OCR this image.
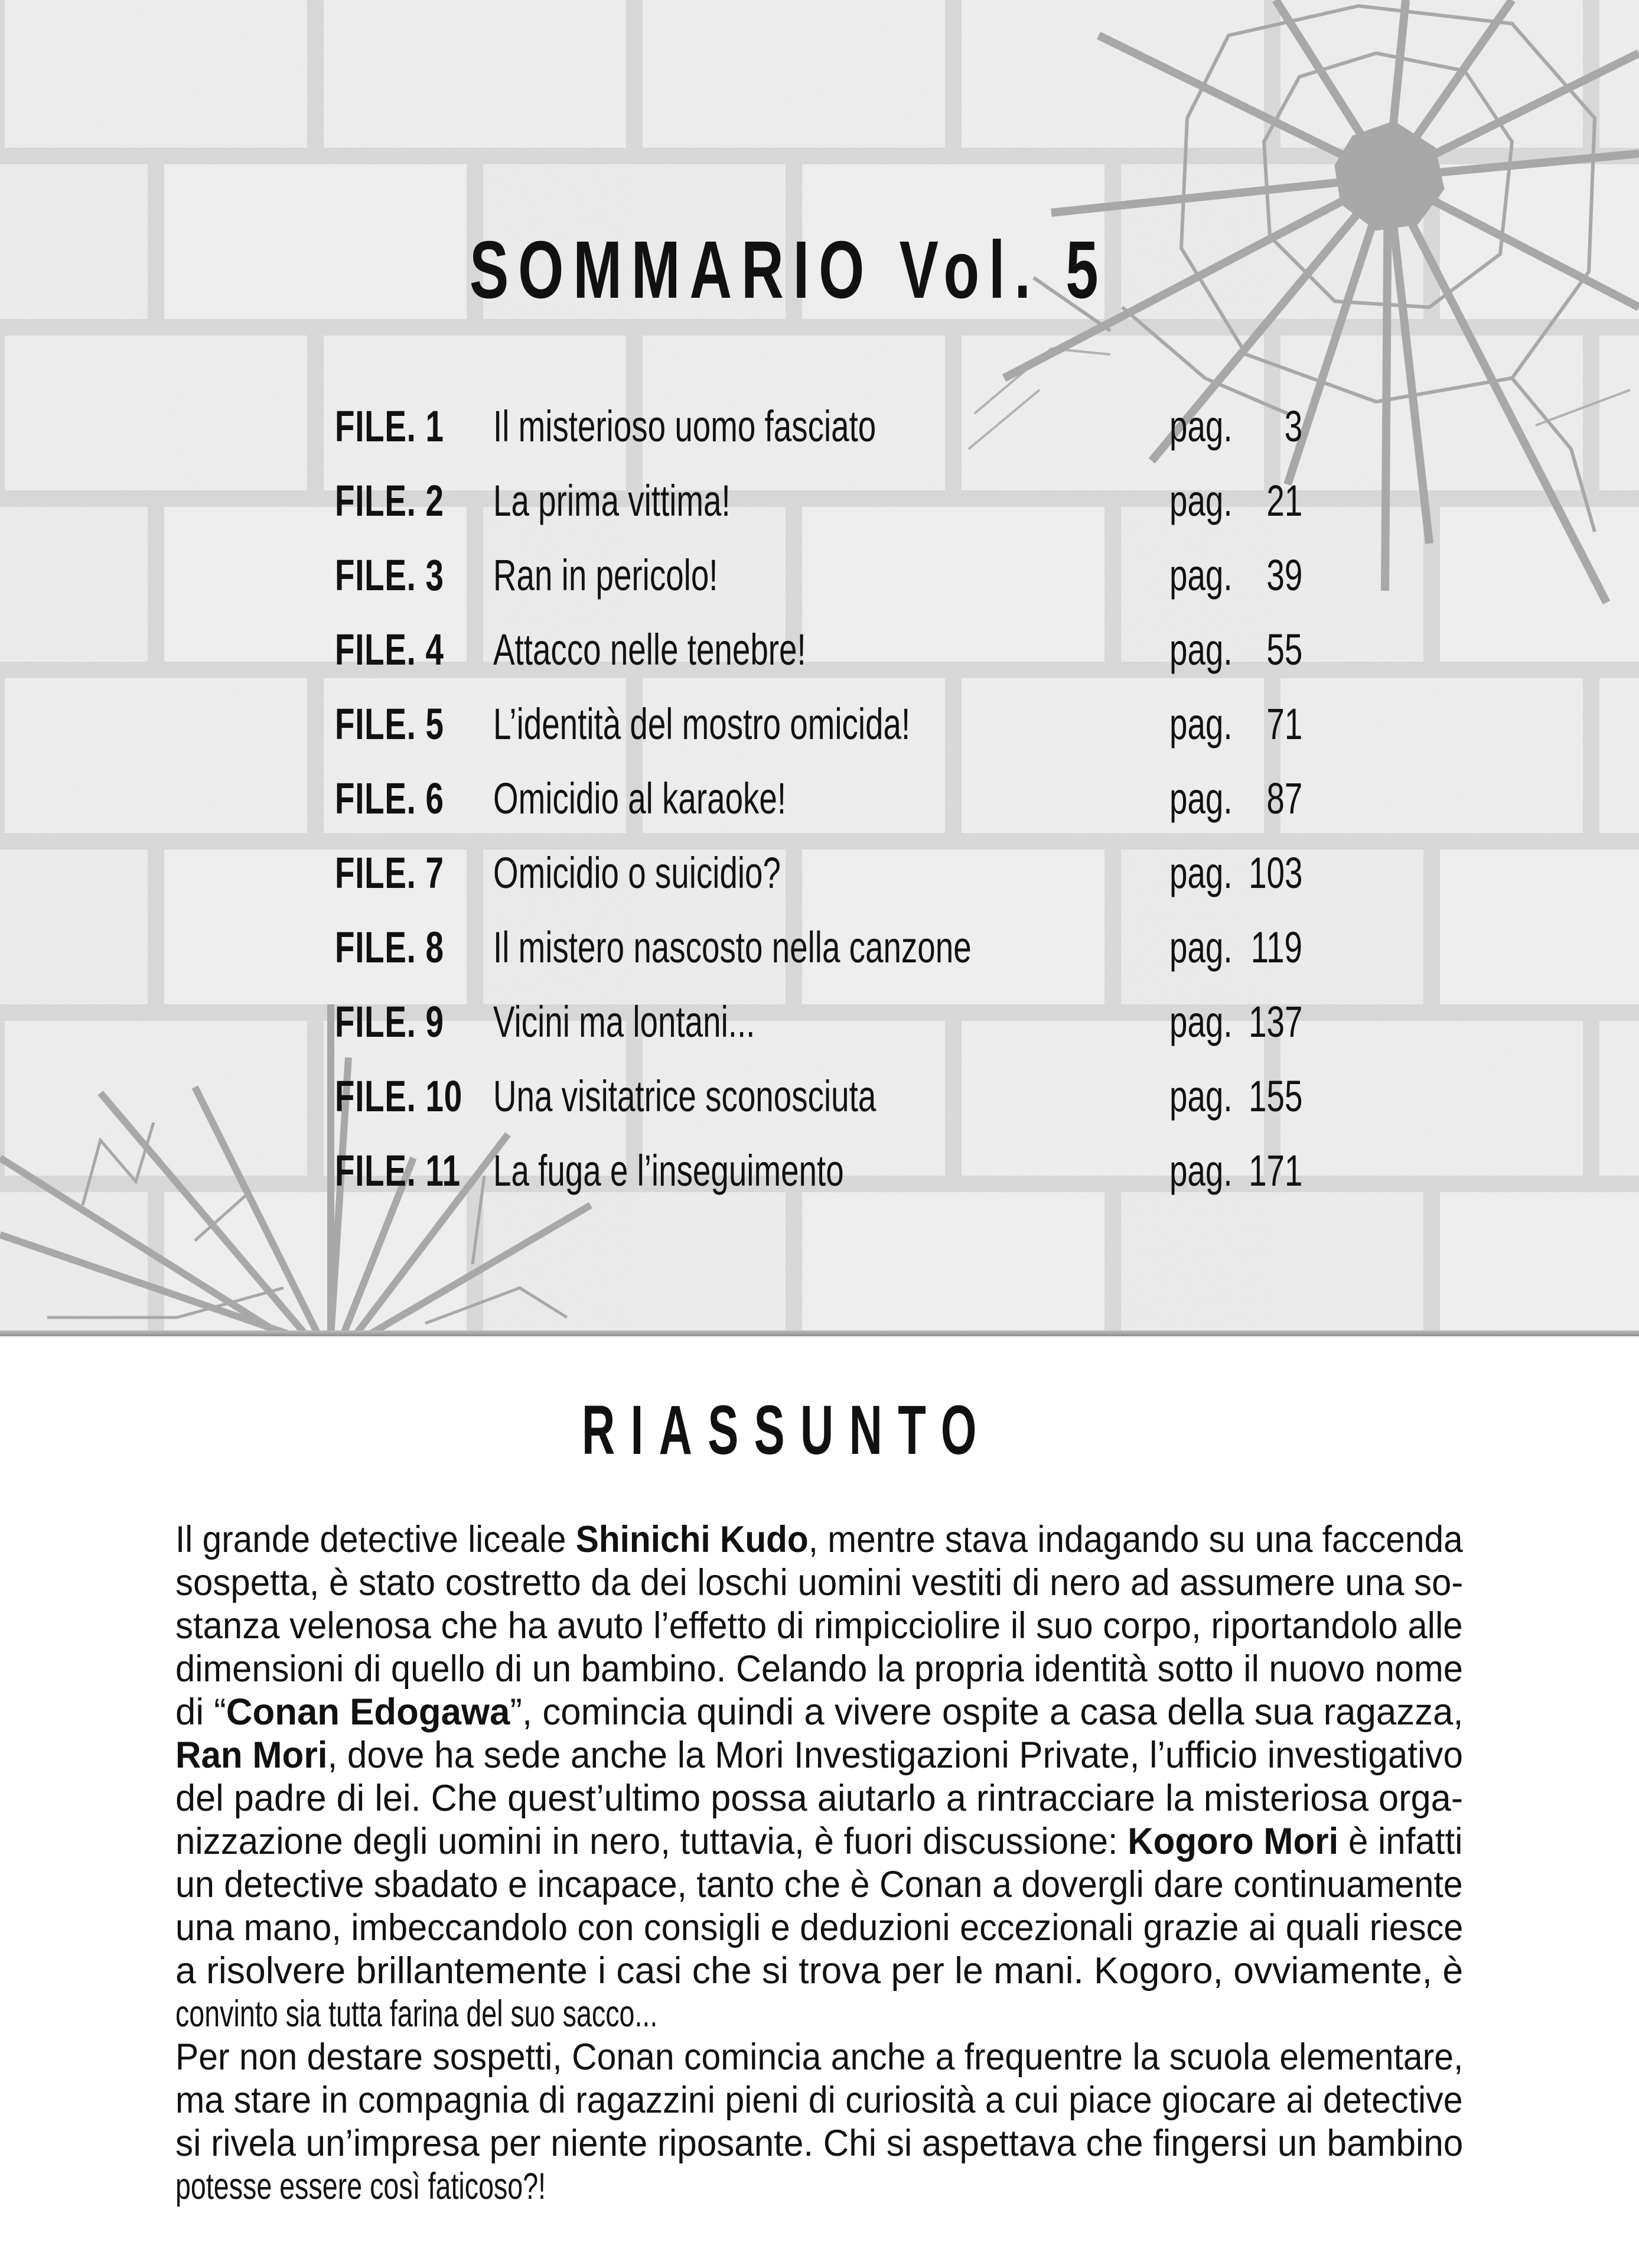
SOMMARIO Vol. 5
FILE. 1 Il misterioso uomo fasciato	pag. 3
FILE. 2 La prima vittima!	pag. 21
FILE. 3 Ran in pericolo!	pag. 39
FILE. 4 Attacco nelle tenebre!	pag. 55
FILE. 5 L’identità del mostro omicida!	pag. 71
FILE. 6 Omicidio al karaoke!	pag. 87
FILE. 7 Omicidio o suicidio?	pag. 103
FILE. 8 Il mistero nascosto nella canzone	pag. 119
FILE. 9 Vicini ma lontani...	pag. 137
FILE. 10 Una visitatrice sconosciuta	pag. 155
FILE. 11 La fuga e l’inseguimento	pag. 171
RIASSUNTO
Il grande detective liceale Shinichi Kudo, mentre stava indagando su una faccenda
sospetta, è stato costretto da dei loschi uomini vestiti di nero ad assumere una so-
stanza velenosa che ha avuto l’effetto di rimpicciolire il suo corpo, riportandolo alle
dimensioni di quello di un bambino. Celando la propria identità sotto il nuovo nome
di “Conan Edogawa”, comincia quindi a vivere ospite a casa della sua ragazza,
Ran Mori, dove ha sede anche la Mori Investigazioni Private, l’ufficio investigativo
del padre di lei. Che quest’ultimo possa aiutarlo a rintracciare la misteriosa orga-
nizzazione degli uomini in nero, tuttavia, è fuori discussione: Kogoro Mori è infatti
un detective sbadato e incapace, tanto che è Conan a dovergli dare continuamente
una mano, imbeccandolo con consigli e deduzioni eccezionali grazie ai quali riesce
a risolvere brillantemente i casi che si trova per le mani. Kogoro, ovviamente, è
convinto sia tutta farina del suo sacco...
Per non destare sospetti, Conan comincia anche a frequentre la scuola elementare,
ma stare in compagnia di ragazzini pieni di curiosità a cui piace giocare ai detective
si rivela un’impresa per niente riposante. Chi si aspettava che fingersi un bambino
potesse essere così faticoso?!
